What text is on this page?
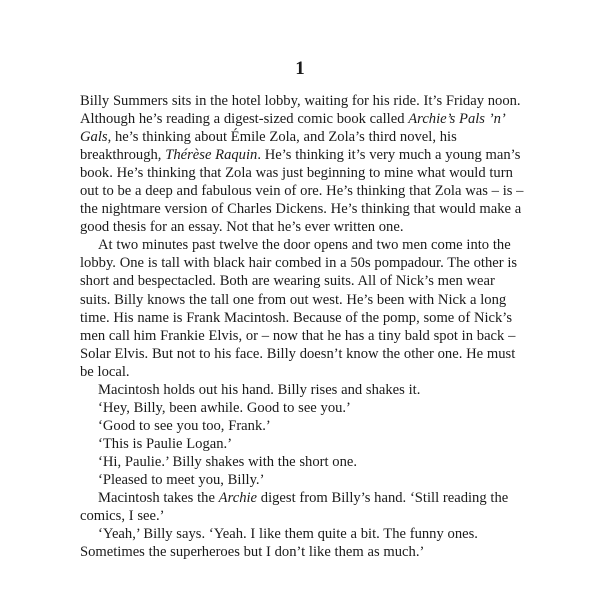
1

Billy Summers sits in the hotel lobby, waiting for his ride. It’s Friday noon. Although he’s reading a digest-sized comic book called Archie’s Pals ’n’ Gals, he’s thinking about Émile Zola, and Zola’s third novel, his breakthrough, Thérèse Raquin. He’s thinking it’s very much a young man’s book. He’s thinking that Zola was just beginning to mine what would turn out to be a deep and fabulous vein of ore. He’s thinking that Zola was – is – the nightmare version of Charles Dickens. He’s thinking that would make a good thesis for an essay. Not that he’s ever written one.

At two minutes past twelve the door opens and two men come into the lobby. One is tall with black hair combed in a 50s pompadour. The other is short and bespectacled. Both are wearing suits. All of Nick’s men wear suits. Billy knows the tall one from out west. He’s been with Nick a long time. His name is Frank Macintosh. Because of the pomp, some of Nick’s men call him Frankie Elvis, or – now that he has a tiny bald spot in back – Solar Elvis. But not to his face. Billy doesn’t know the other one. He must be local.

Macintosh holds out his hand. Billy rises and shakes it.

‘Hey, Billy, been awhile. Good to see you.’

‘Good to see you too, Frank.’

‘This is Paulie Logan.’

‘Hi, Paulie.’ Billy shakes with the short one.

‘Pleased to meet you, Billy.’

Macintosh takes the Archie digest from Billy’s hand. ‘Still reading the comics, I see.’

‘Yeah,’ Billy says. ‘Yeah. I like them quite a bit. The funny ones. Sometimes the superheroes but I don’t like them as much.’
